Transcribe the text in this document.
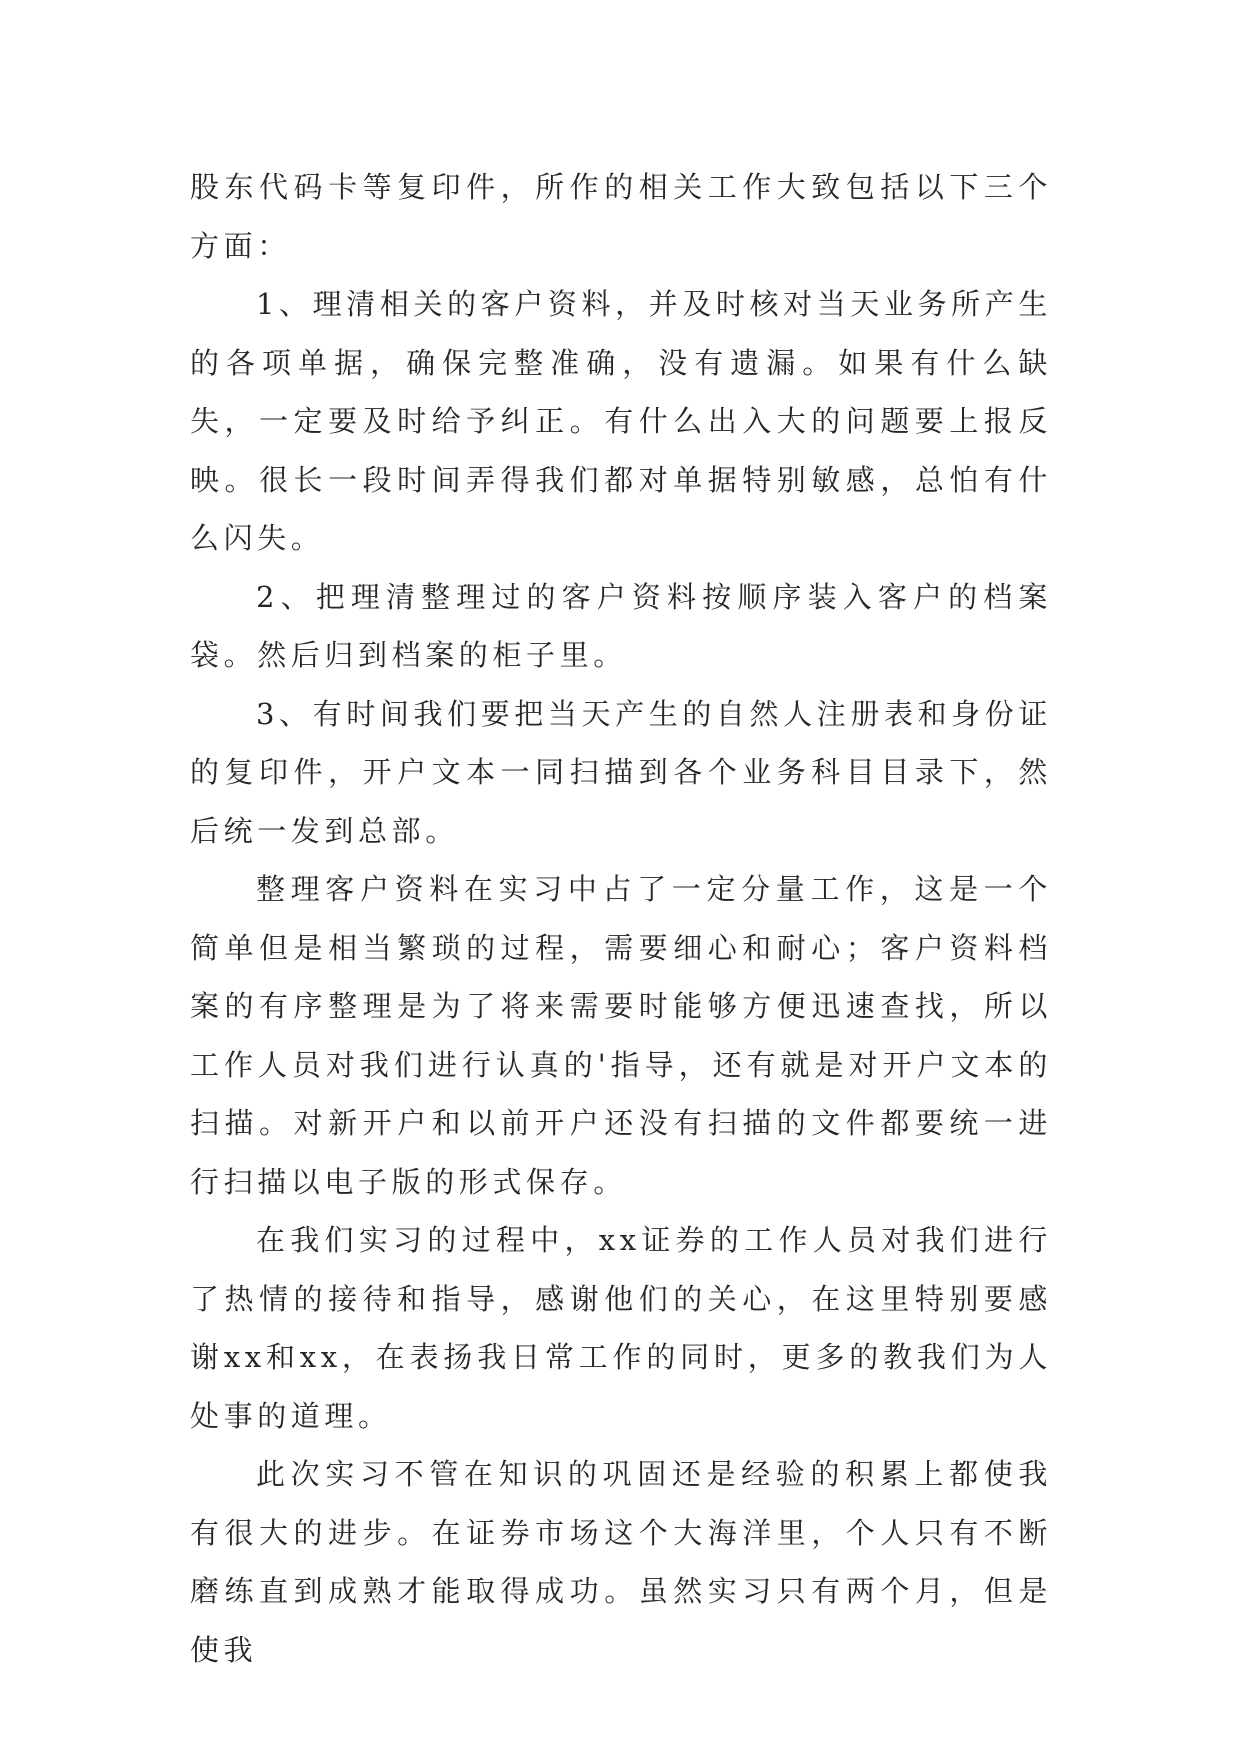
股东代码卡等复印件，所作的相关工作大致包括以下三个方面：

1、理清相关的客户资料，并及时核对当天业务所产生的各项单据，确保完整准确，没有遗漏。如果有什么缺失，一定要及时给予纠正。有什么出入大的问题要上报反映。很长一段时间弄得我们都对单据特别敏感，总怕有什么闪失。

2、把理清整理过的客户资料按顺序装入客户的档案袋。然后归到档案的柜子里。

3、有时间我们要把当天产生的自然人注册表和身份证的复印件，开户文本一同扫描到各个业务科目目录下，然后统一发到总部。

整理客户资料在实习中占了一定分量工作，这是一个简单但是相当繁琐的过程，需要细心和耐心；客户资料档案的有序整理是为了将来需要时能够方便迅速查找，所以工作人员对我们进行认真的'指导，还有就是对开户文本的扫描。对新开户和以前开户还没有扫描的文件都要统一进行扫描以电子版的形式保存。

在我们实习的过程中，xx证券的工作人员对我们进行了热情的接待和指导，感谢他们的关心，在这里特别要感谢xx和xx，在表扬我日常工作的同时，更多的教我们为人处事的道理。

此次实习不管在知识的巩固还是经验的积累上都使我有很大的进步。在证券市场这个大海洋里，个人只有不断磨练直到成熟才能取得成功。虽然实习只有两个月，但是使我
